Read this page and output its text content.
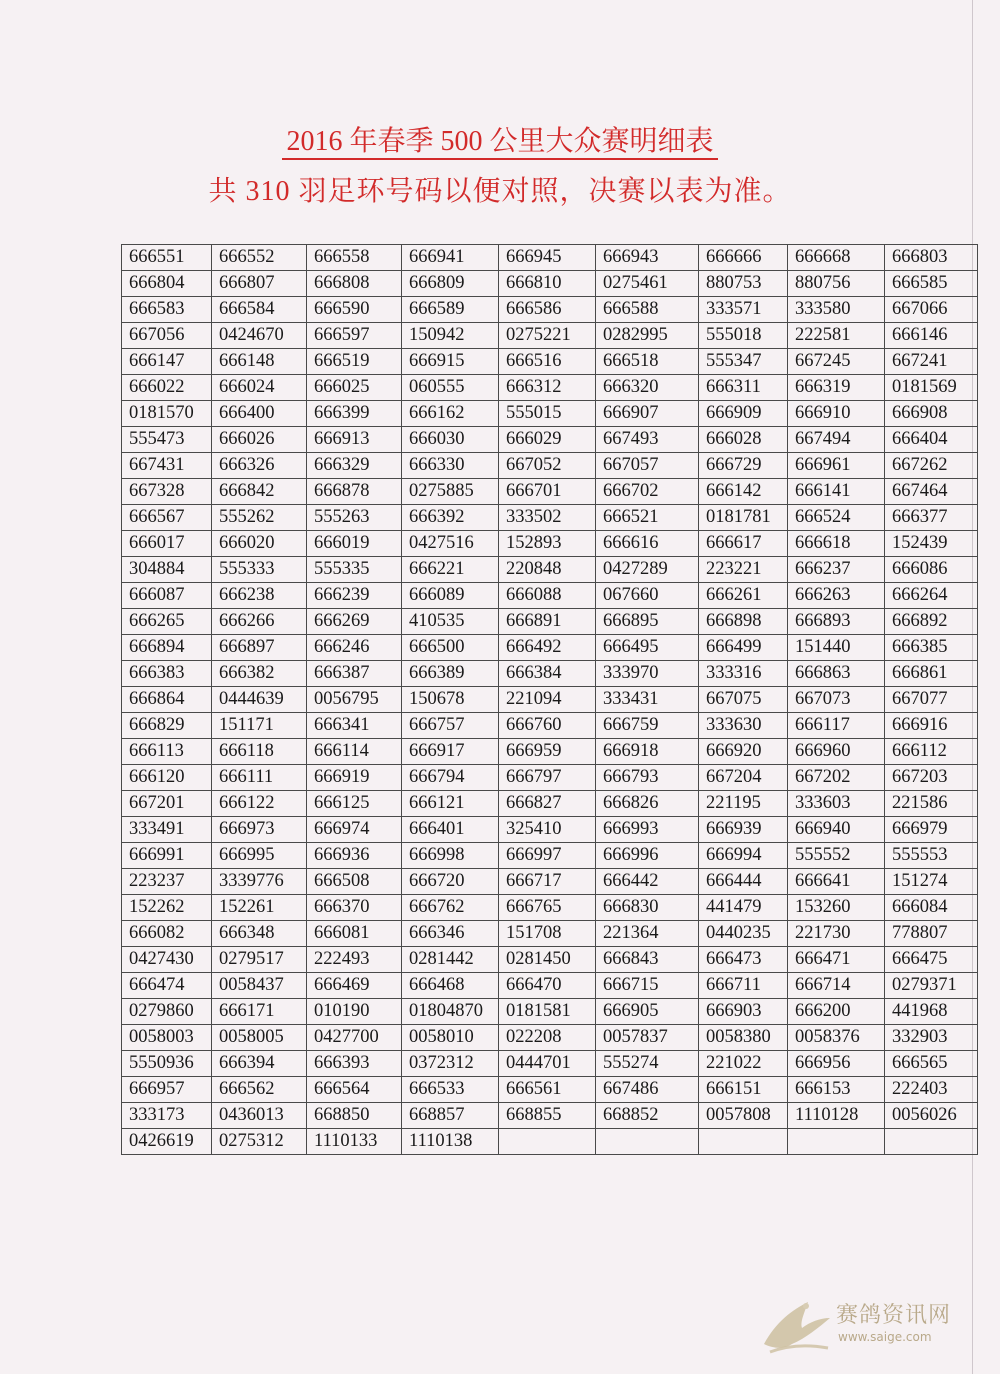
2016 年春季 500 公里大众赛明细表
共 310 羽足环号码以便对照，决赛以表为准。
666551	666552	666558	666941	666945	666943	666666	666668	666803
666804	666807	666808	666809	666810	0275461	880753	880756	666585
666583	666584	666590	666589	666586	666588	333571	333580	667066
667056	0424670	666597	150942	0275221	0282995	555018	222581	666146
666147	666148	666519	666915	666516	666518	555347	667245	667241
666022	666024	666025	060555	666312	666320	666311	666319	0181569
0181570	666400	666399	666162	555015	666907	666909	666910	666908
555473	666026	666913	666030	666029	667493	666028	667494	666404
667431	666326	666329	666330	667052	667057	666729	666961	667262
667328	666842	666878	0275885	666701	666702	666142	666141	667464
666567	555262	555263	666392	333502	666521	0181781	666524	666377
666017	666020	666019	0427516	152893	666616	666617	666618	152439
304884	555333	555335	666221	220848	0427289	223221	666237	666086
666087	666238	666239	666089	666088	067660	666261	666263	666264
666265	666266	666269	410535	666891	666895	666898	666893	666892
666894	666897	666246	666500	666492	666495	666499	151440	666385
666383	666382	666387	666389	666384	333970	333316	666863	666861
666864	0444639	0056795	150678	221094	333431	667075	667073	667077
666829	151171	666341	666757	666760	666759	333630	666117	666916
666113	666118	666114	666917	666959	666918	666920	666960	666112
666120	666111	666919	666794	666797	666793	667204	667202	667203
667201	666122	666125	666121	666827	666826	221195	333603	221586
333491	666973	666974	666401	325410	666993	666939	666940	666979
666991	666995	666936	666998	666997	666996	666994	555552	555553
223237	3339776	666508	666720	666717	666442	666444	666641	151274
152262	152261	666370	666762	666765	666830	441479	153260	666084
666082	666348	666081	666346	151708	221364	0440235	221730	778807
0427430	0279517	222493	0281442	0281450	666843	666473	666471	666475
666474	0058437	666469	666468	666470	666715	666711	666714	0279371
0279860	666171	010190	01804870	0181581	666905	666903	666200	441968
0058003	0058005	0427700	0058010	022208	0057837	0058380	0058376	332903
5550936	666394	666393	0372312	0444701	555274	221022	666956	666565
666957	666562	666564	666533	666561	667486	666151	666153	222403
333173	0436013	668850	668857	668855	668852	0057808	1110128	0056026
0426619	0275312	1110133	1110138					
赛鸽资讯网
www.saige.com
